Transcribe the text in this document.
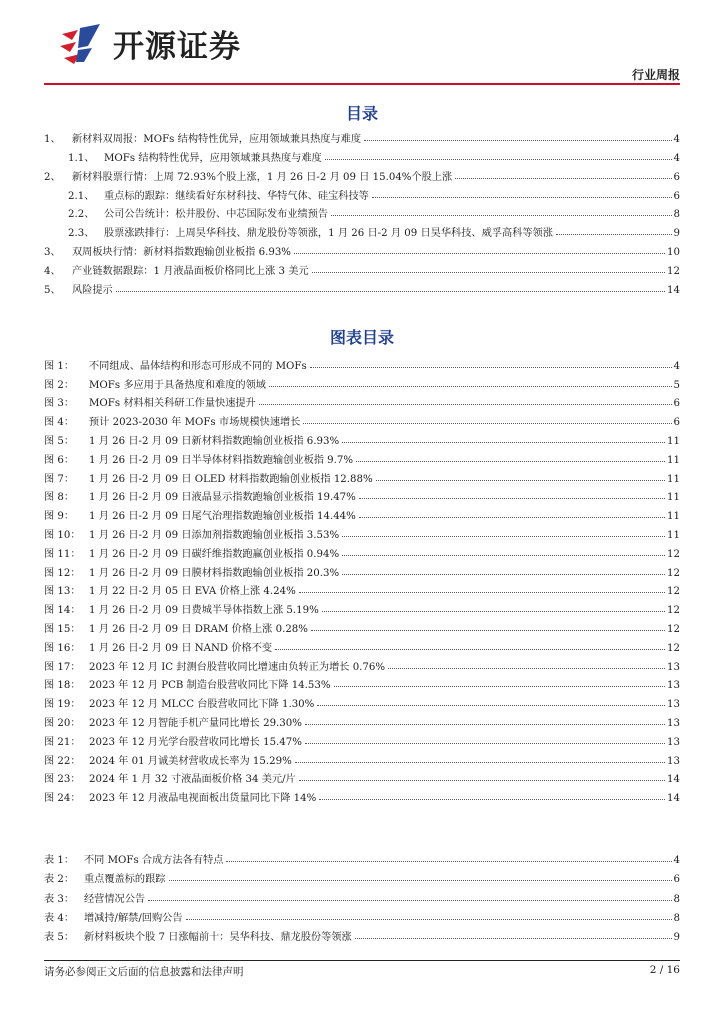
开源证券
行业周报
目录
1、	新材料双周报：MOFs 结构特性优异，应用领域兼具热度与难度	4
1.1、 MOFs 结构特性优异，应用领域兼具热度与难度	4
2、	新材料股票行情：上周 72.93%个股上涨，1 月 26 日-2 月 09 日 15.04%个股上涨	6
2.1、 重点标的跟踪：继续看好东材科技、华特气体、硅宝科技等	6
2.2、 公司公告统计：松井股份、中芯国际发布业绩预告	8
2.3、 股票涨跌排行：上周昊华科技、鼎龙股份等领涨，1 月 26 日-2 月 09 日昊华科技、威孚高科等领涨	9
3、	双周板块行情：新材料指数跑输创业板指 6.93%	10
4、	产业链数据跟踪：1 月液晶面板价格同比上涨 3 美元	12
5、	风险提示	14
图表目录
图 1：	不同组成、晶体结构和形态可形成不同的 MOFs	4
图 2：	MOFs 多应用于具备热度和难度的领域	5
图 3：	MOFs 材料相关科研工作量快速提升	6
图 4：	预计 2023-2030 年 MOFs 市场规模快速增长	6
图 5：	1 月 26 日-2 月 09 日新材料指数跑输创业板指 6.93%	11
图 6：	1 月 26 日-2 月 09 日半导体材料指数跑输创业板指 9.7%	11
图 7：	1 月 26 日-2 月 09 日 OLED 材料指数跑输创业板指 12.88%	11
图 8：	1 月 26 日-2 月 09 日液晶显示指数跑输创业板指 19.47%	11
图 9：	1 月 26 日-2 月 09 日尾气治理指数跑输创业板指 14.44%	11
图 10： 1 月 26 日-2 月 09 日添加剂指数跑输创业板指 3.53%	11
图 11： 1 月 26 日-2 月 09 日碳纤维指数跑赢创业板指 0.94%	12
图 12： 1 月 26 日-2 月 09 日膜材料指数跑输创业板指 20.3%	12
图 13： 1 月 22 日-2 月 05 日 EVA 价格上涨 4.24%	12
图 14： 1 月 26 日-2 月 09 日费城半导体指数上涨 5.19%	12
图 15： 1 月 26 日-2 月 09 日 DRAM 价格上涨 0.28%	12
图 16： 1 月 26 日-2 月 09 日 NAND 价格不变	12
图 17： 2023 年 12 月 IC 封测台股营收同比增速由负转正为增长 0.76%	13
图 18： 2023 年 12 月 PCB 制造台股营收同比下降 14.53%	13
图 19： 2023 年 12 月 MLCC 台股营收同比下降 1.30%	13
图 20： 2023 年 12 月智能手机产量同比增长 29.30%	13
图 21： 2023 年 12 月光学台股营收同比增长 15.47%	13
图 22： 2024 年 01 月诚美材营收成长率为 15.29%	13
图 23： 2024 年 1 月 32 寸液晶面板价格 34 美元/片	14
图 24： 2023 年 12 月液晶电视面板出货量同比下降 14%	14
表 1： 不同 MOFs 合成方法各有特点	4
表 2： 重点覆盖标的跟踪	6
表 3： 经营情况公告	8
表 4： 增减持/解禁/回购公告	8
表 5： 新材料板块个股 7 日涨幅前十：昊华科技、鼎龙股份等领涨	9
请务必参阅正文后面的信息披露和法律声明	2 / 16
